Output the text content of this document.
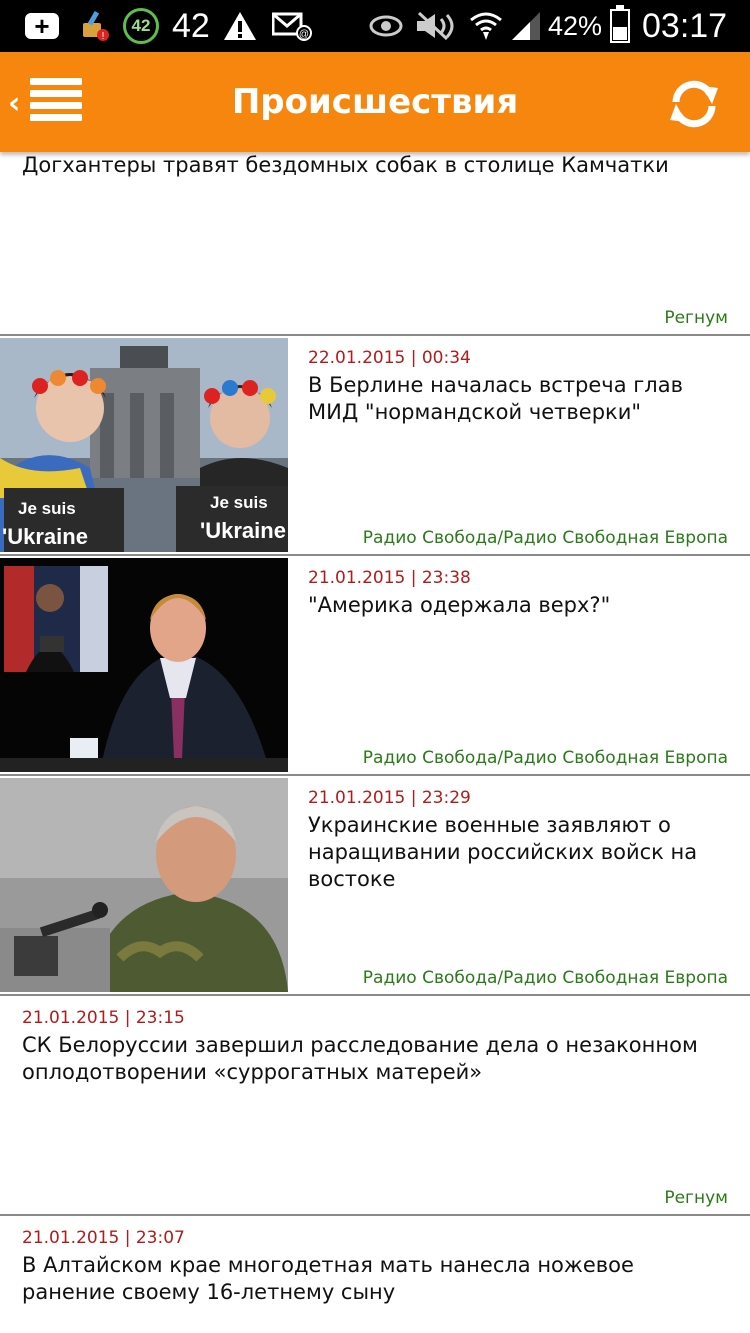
+	!
42 42	@	42% 03:17
‹	Происшествия
Догхантеры травят бездомных собак в столице Камчатки
Регнум
Je suis
'Ukraine
Je suis
'Ukraine
22.01.2015 | 00:34
В Берлине началась встреча глав МИД "нормандской четверки"
Радио Свобода/Радио Свободная Европа
21.01.2015 | 23:38
"Америка одержала верх?"
Радио Свобода/Радио Свободная Европа
21.01.2015 | 23:29
Украинские военные заявляют о наращивании российских войск на востоке
Радио Свобода/Радио Свободная Европа
21.01.2015 | 23:15
СК Белоруссии завершил расследование дела о незаконном оплодотворении «суррогатных матерей»
Регнум
21.01.2015 | 23:07
В Алтайском крае многодетная мать нанесла ножевое ранение своему 16-летнему сыну
